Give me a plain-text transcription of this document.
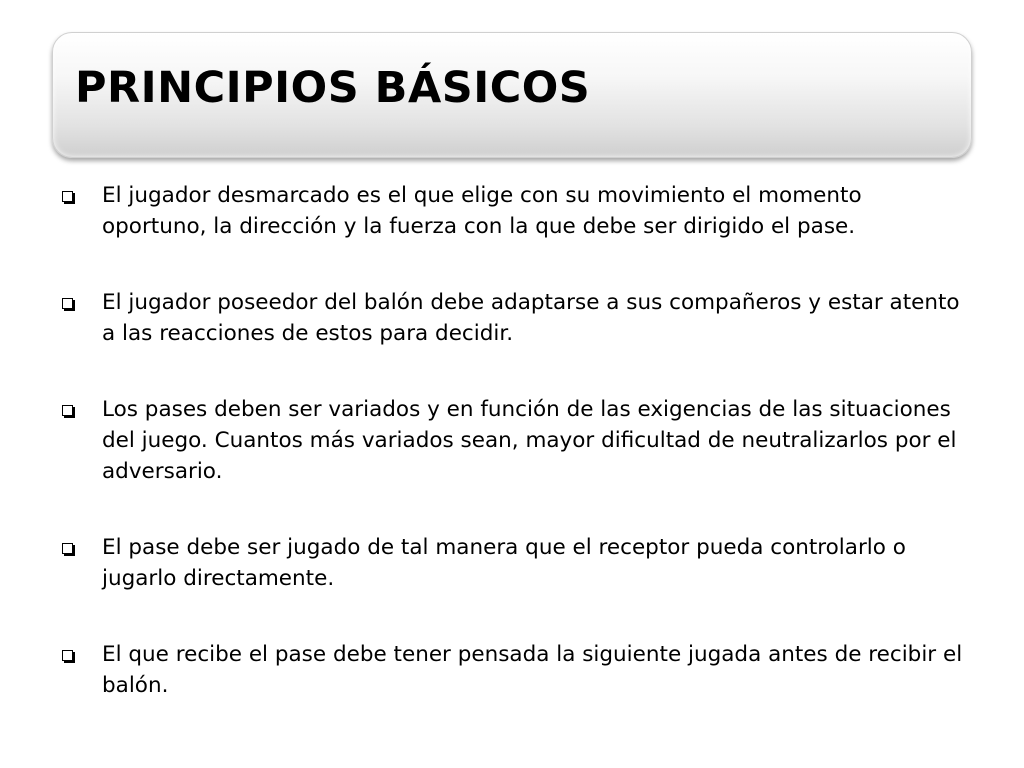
PRINCIPIOS BÁSICOS
El jugador desmarcado es el que elige con su movimiento el momento oportuno, la dirección y la fuerza con la que debe ser dirigido el pase.
El jugador poseedor del balón debe adaptarse a sus compañeros y estar atento a las reacciones de estos para decidir.
Los pases deben ser variados y en función de las exigencias de las situaciones del juego. Cuantos más variados sean, mayor dificultad de neutralizarlos por el adversario.
El pase debe ser jugado de tal manera que el receptor pueda controlarlo o jugarlo directamente.
El que recibe el pase debe tener pensada la siguiente jugada antes de recibir el balón.
